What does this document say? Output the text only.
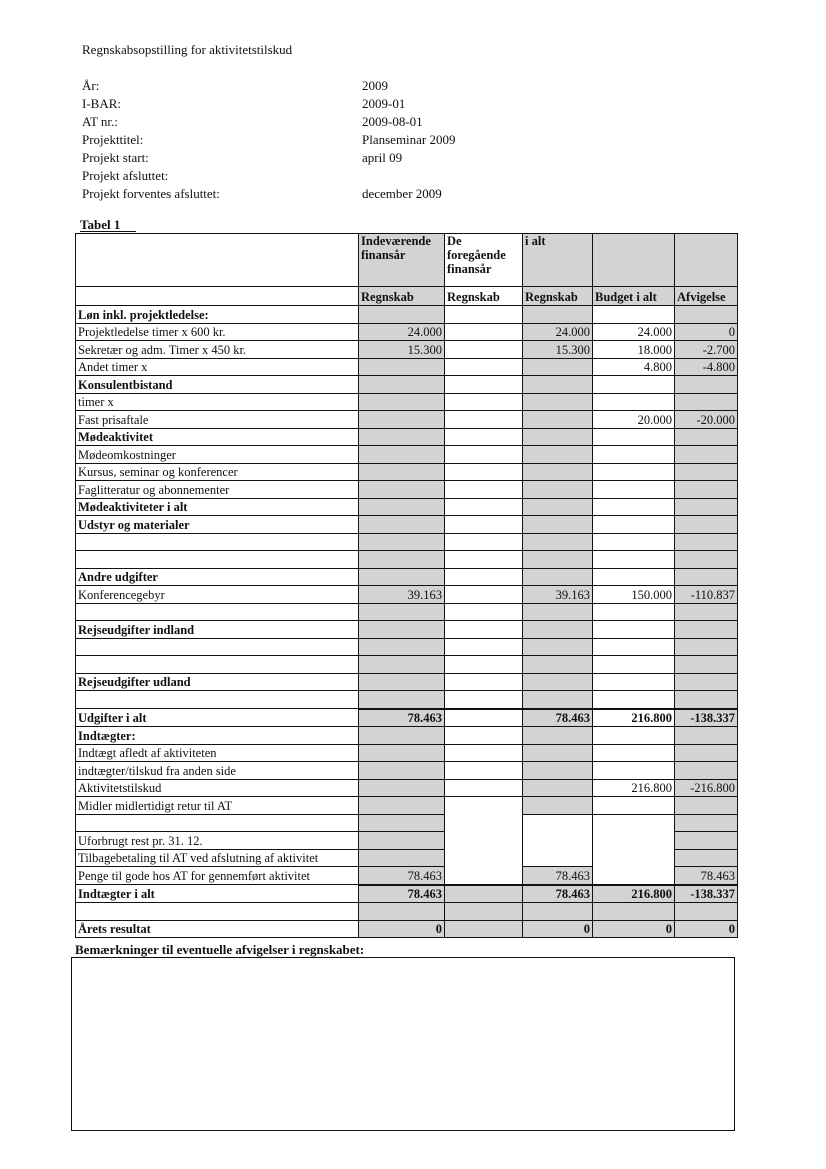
Regnskabsopstilling for aktivitetstilskud
År:	2009
I-BAR:	2009-01
AT nr.:	2009-08-01
Projekttitel:	Planseminar 2009
Projekt start:	april 09
Projekt afsluttet:
Projekt forventes afsluttet:	december 2009
Tabel 1
	Indeværende finansår	De foregående finansår	i alt		
	Regnskab	Regnskab	Regnskab	Budget i alt	Afvigelse
Løn inkl. projektledelse:					
Projektledelse timer x 600 kr.	24.000		24.000	24.000	0
Sekretær og adm. Timer x 450 kr.	15.300		15.300	18.000	-2.700
Andet timer x				4.800	-4.800
Konsulentbistand					
timer x					
Fast prisaftale				20.000	-20.000
Mødeaktivitet					
Mødeomkostninger					
Kursus, seminar og konferencer					
Faglitteratur og abonnementer					
Mødeaktiviteter i alt					
Udstyr og materialer					

Andre udgifter					
Konferencegebyr	39.163		39.163	150.000	-110.837

Rejseudgifter indland					

Rejseudgifter udland					

Udgifter i alt	78.463		78.463	216.800	-138.337
Indtægter:					
Indtægt afledt af aktiviteten					
indtægter/tilskud fra anden side					
Aktivitetstilskud				216.800	-216.800
Midler midlertidigt retur til AT					

Uforbrugt rest pr. 31. 12.					
Tilbagebetaling til AT ved afslutning af aktivitet					
Penge til gode hos AT for gennemført aktivitet	78.463		78.463		78.463
Indtægter i alt	78.463		78.463	216.800	-138.337

Årets resultat	0		0	0	0
Bemærkninger til eventuelle afvigelser i regnskabet:
